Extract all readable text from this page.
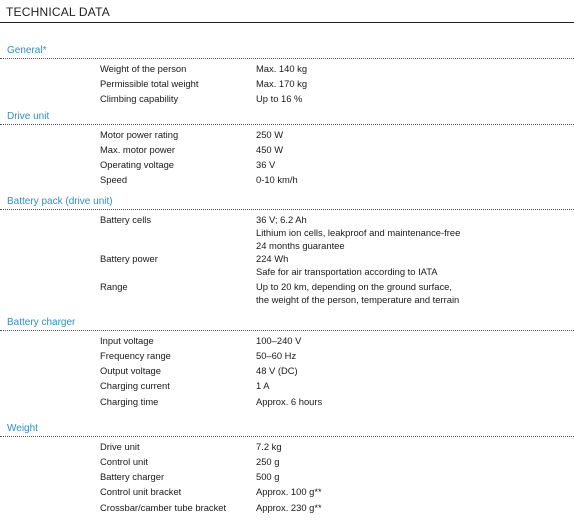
TECHNICAL DATA
General*
Weight of the person	Max. 140 kg
Permissible total weight	Max. 170 kg
Climbing capability	Up to 16 %
Drive unit
Motor power rating	250 W
Max. motor power	450 W
Operating voltage	36 V
Speed	0-10 km/h
Battery pack (drive unit)
Battery cells	36 V; 6.2 Ah
Lithium ion cells, leakproof and maintenance-free
24 months guarantee
Battery power	224 Wh
Safe for air transportation according to IATA
Range	Up to 20 km, depending on the ground surface,
the weight of the person, temperature and terrain
Battery charger
Input voltage	100–240 V
Frequency range	50–60 Hz
Output voltage	48 V (DC)
Charging current	1 A
Charging time	Approx. 6 hours
Weight
Drive unit	7.2 kg
Control unit	250 g
Battery charger	500 g
Control unit bracket	Approx. 100 g**
Crossbar/camber tube bracket	Approx. 230 g**
